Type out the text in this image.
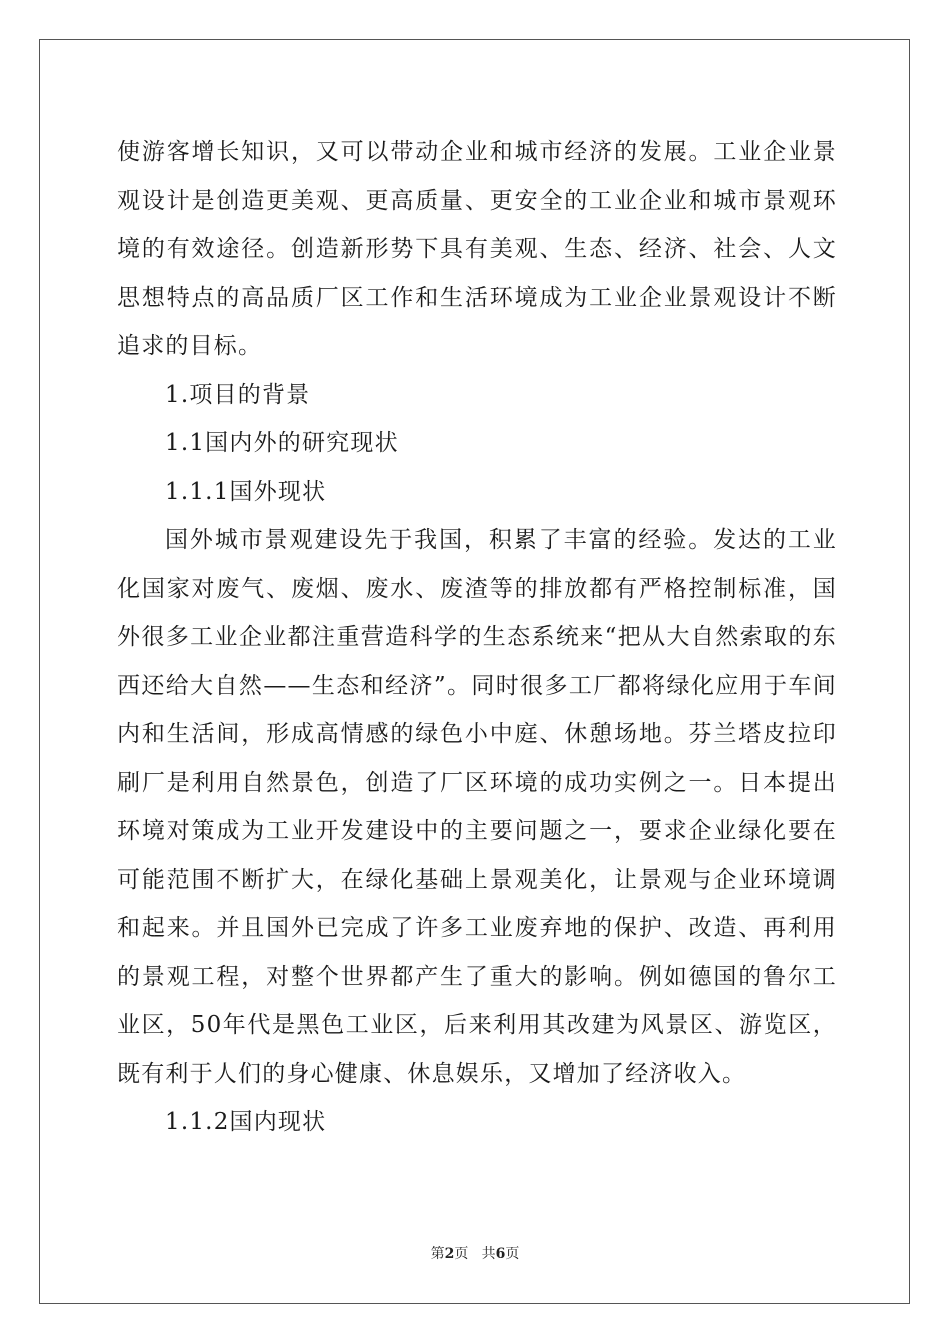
使游客增长知识，又可以带动企业和城市经济的发展。工业企业景观设计是创造更美观、更高质量、更安全的工业企业和城市景观环境的有效途径。创造新形势下具有美观、生态、经济、社会、人文思想特点的高品质厂区工作和生活环境成为工业企业景观设计不断追求的目标。

1.项目的背景

1.1国内外的研究现状

1.1.1国外现状

国外城市景观建设先于我国，积累了丰富的经验。发达的工业化国家对废气、废烟、废水、废渣等的排放都有严格控制标准，国外很多工业企业都注重营造科学的生态系统来“把从大自然索取的东西还给大自然——生态和经济”。同时很多工厂都将绿化应用于车间内和生活间，形成高情感的绿色小中庭、休憩场地。芬兰塔皮拉印刷厂是利用自然景色，创造了厂区环境的成功实例之一。日本提出环境对策成为工业开发建设中的主要问题之一，要求企业绿化要在可能范围不断扩大，在绿化基础上景观美化，让景观与企业环境调和起来。并且国外已完成了许多工业废弃地的保护、改造、再利用的景观工程，对整个世界都产生了重大的影响。例如德国的鲁尔工业区，50年代是黑色工业区，后来利用其改建为风景区、游览区，既有利于人们的身心健康、休息娱乐，又增加了经济收入。

1.1.2国内现状

第2页 共6页
